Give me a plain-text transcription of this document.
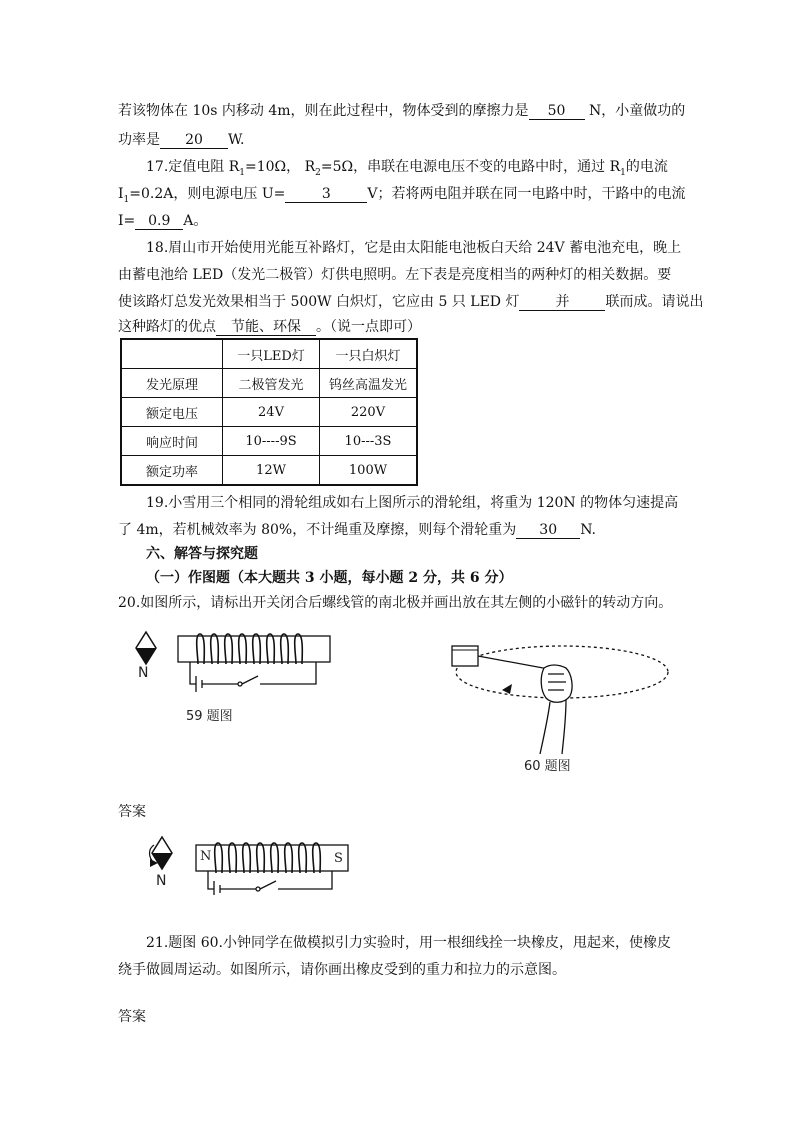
若该物体在 10s 内移动 4m，则在此过程中，物体受到的摩擦力是 50 N，小童做功的
功率是 20 W.
17.定值电阻 $R_1=10\Omega$， $R_2=5\Omega$，串联在电源电压不变的电路中时，通过 $R_1$的电流
$I_1=0.2A$，则电源电压 U=	3	V；若将两电阻并联在同一电路中时，干路中的电流
I= 0.9 A。
18.眉山市开始使用光能互补路灯，它是由太阳能电池板白天给 24V 蓄电池充电，晚上
由蓄电池给 LED（发光二极管）灯供电照明。左下表是亮度相当的两种灯的相关数据。要
使该路灯总发光效果相当于 500W 白炽灯，它应由 5 只 LED 灯	并	联而成。请说出
这种路灯的优点 节能、环保 。（说一点即可）
	一只LED灯	一只白炽灯
发光原理	二极管发光	钨丝高温发光
额定电压	24V	220V
响应时间	10----9S	10---3S
额定功率	12W	100W
19.小雪用三个相同的滑轮组成如右上图所示的滑轮组，将重为 120N 的物体匀速提高
了 4m，若机械效率为 80%，不计绳重及摩擦，则每个滑轮重为 30 N.
六、解答与探究题
（一）作图题（本大题共 3 小题，每小题 2 分，共 6 分）
20.如图所示，请标出开关闭合后螺线管的南北极并画出放在其左侧的小磁针的转动方向。
N
59 题图
60 题图
答案
N	S
N
21.题图 60.小钟同学在做模拟引力实验时，用一根细线拴一块橡皮，甩起来，使橡皮
绕手做圆周运动。如图所示，请你画出橡皮受到的重力和拉力的示意图。
答案
